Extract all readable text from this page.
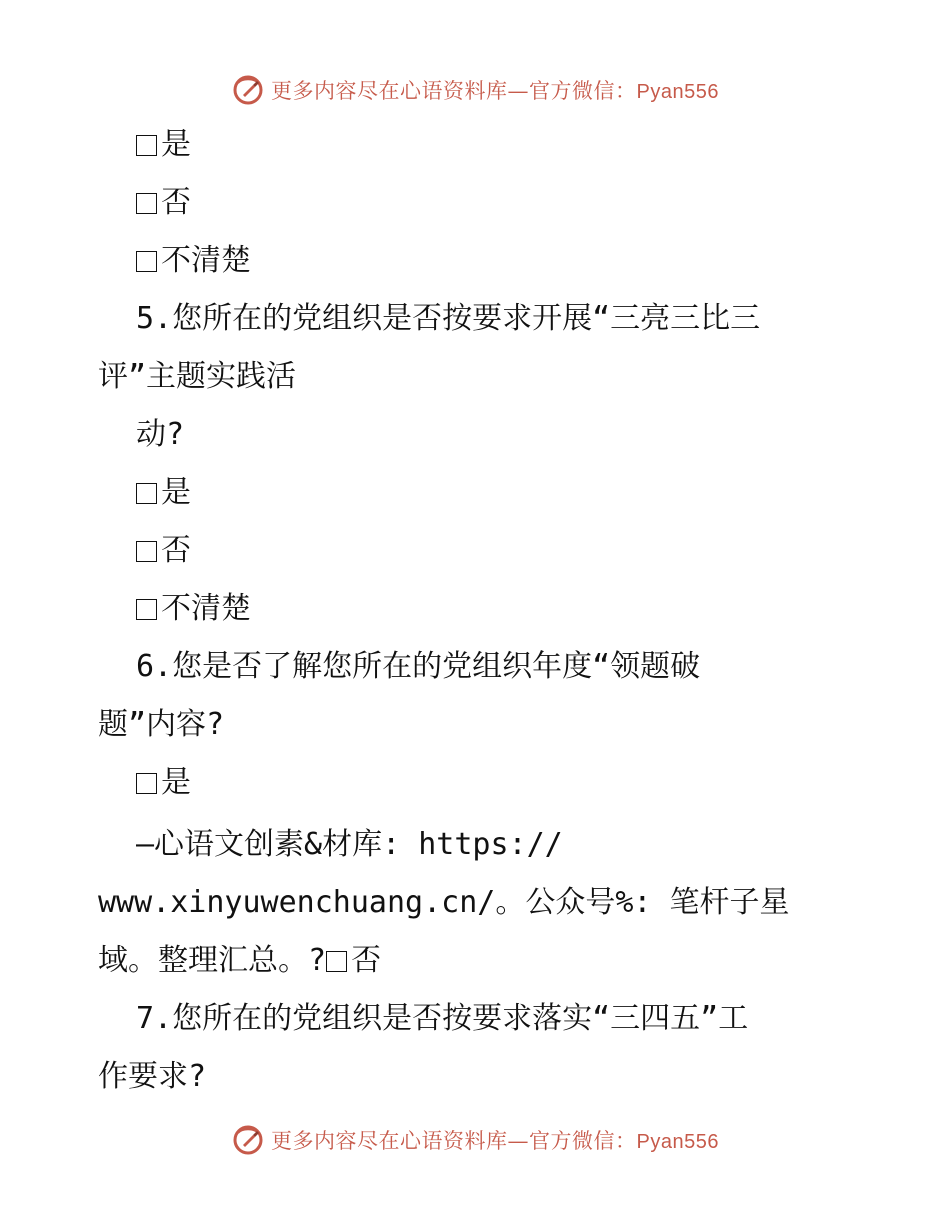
更多内容尽在心语资料库—官方微信：Pyan556
是
否
不清楚
5.您所在的党组织是否按要求开展“三亮三比三
评”主题实践活
动?
是
否
不清楚
6.您是否了解您所在的党组织年度“领题破
题”内容?
是
—心语文创素&材库: https://
www.xinyuwenchuang.cn/。公众号%: 笔杆子星
域。整理汇总。? 否
7.您所在的党组织是否按要求落实“三四五”工
作要求?
更多内容尽在心语资料库—官方微信：Pyan556
